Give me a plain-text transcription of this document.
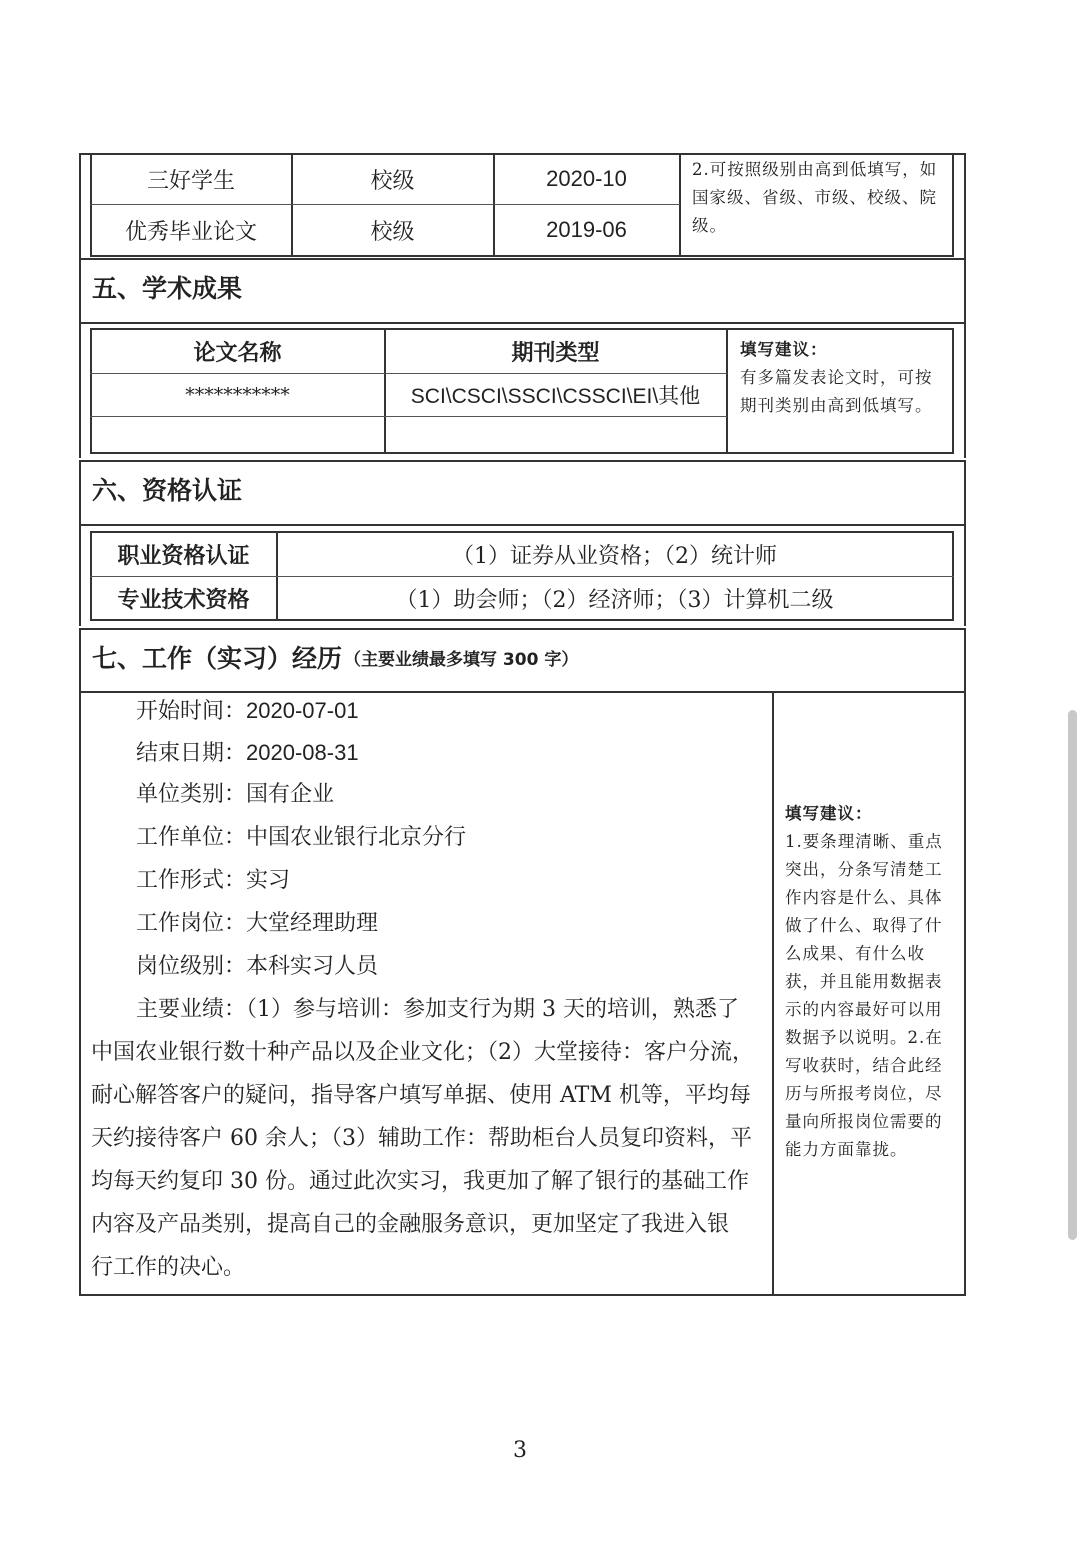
三好学生	校级	2020-10
优秀毕业论文	校级	2019-06
2.可按照级别由高到低填写，如国家级、省级、市级、校级、院级。
五、学术成果
论文名称	期刊类型
***********	SCI\CSCI\SSCI\CSSCI\EI\其他
填写建议：
有多篇发表论文时，可按期刊类别由高到低填写。
六、资格认证
职业资格认证	（1）证券从业资格；（2）统计师
专业技术资格	（1）助会师；（2）经济师；（3）计算机二级
七、工作（实习）经历 （主要业绩最多填写 300 字）
开始时间：2020-07-01
结束日期：2020-08-31
单位类别：国有企业
工作单位：中国农业银行北京分行
工作形式：实习
工作岗位：大堂经理助理
岗位级别：本科实习人员
主要业绩：（1）参与培训：参加支行为期 3 天的培训，熟悉了
中国农业银行数十种产品以及企业文化；（2）大堂接待：客户分流，
耐心解答客户的疑问，指导客户填写单据、使用 ATM 机等，平均每
天约接待客户 60 余人；（3）辅助工作：帮助柜台人员复印资料，平
均每天约复印 30 份。通过此次实习，我更加了解了银行的基础工作
内容及产品类别，提高自己的金融服务意识，更加坚定了我进入银
行工作的决心。
填写建议：
1.要条理清晰、重点突出，分条写清楚工作内容是什么、具体做了什么、取得了什么成果、有什么收获，并且能用数据表示的内容最好可以用数据予以说明。2.在写收获时，结合此经历与所报考岗位，尽量向所报岗位需要的能力方面靠拢。
3
